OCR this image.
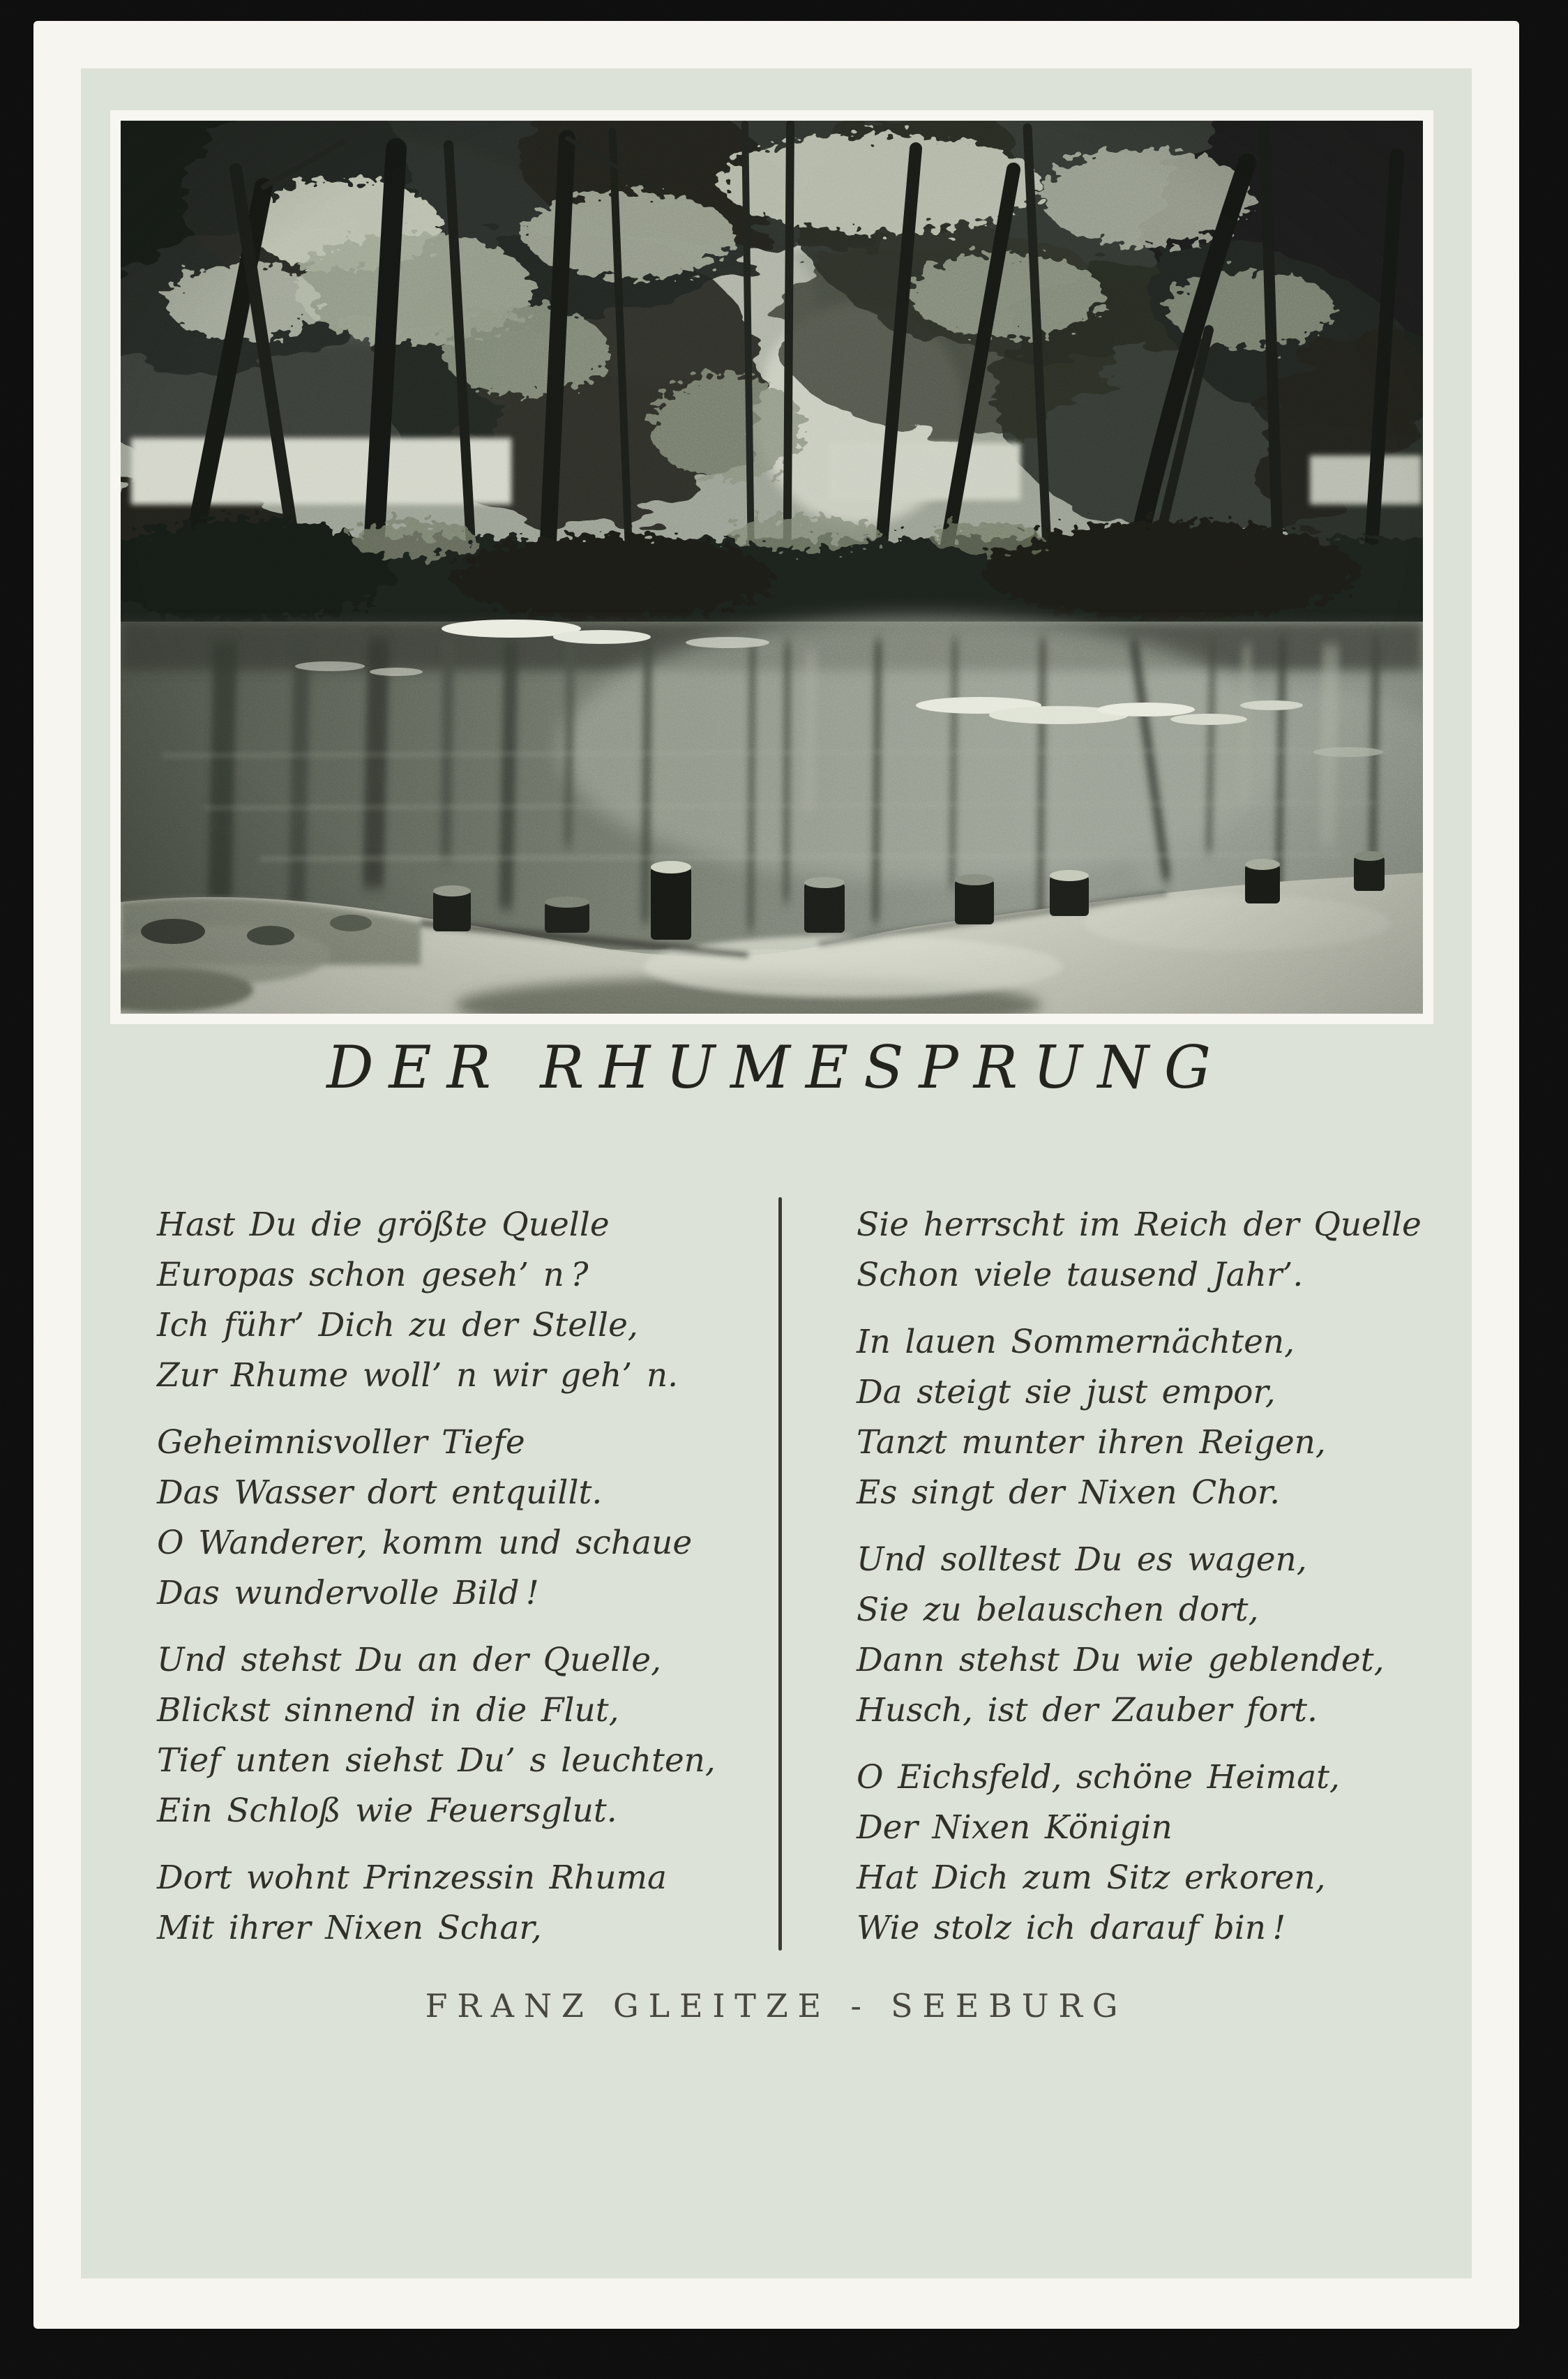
DER RHUMESPRUNG
Hast Du die größte Quelle
Europas schon geseh’ n ?
Ich führ’ Dich zu der Stelle,
Zur Rhume woll’ n wir geh’ n.
Geheimnisvoller Tiefe
Das Wasser dort entquillt.
O Wanderer, komm und schaue
Das wundervolle Bild !
Und stehst Du an der Quelle,
Blickst sinnend in die Flut,
Tief unten siehst Du’ s leuchten,
Ein Schloß wie Feuersglut.
Dort wohnt Prinzessin Rhuma
Mit ihrer Nixen Schar,
Sie herrscht im Reich der Quelle
Schon viele tausend Jahr’.
In lauen Sommernächten,
Da steigt sie just empor,
Tanzt munter ihren Reigen,
Es singt der Nixen Chor.
Und solltest Du es wagen,
Sie zu belauschen dort,
Dann stehst Du wie geblendet,
Husch, ist der Zauber fort.
O Eichsfeld, schöne Heimat,
Der Nixen Königin
Hat Dich zum Sitz erkoren,
Wie stolz ich darauf bin !
FRANZ GLEITZE - SEEBURG
